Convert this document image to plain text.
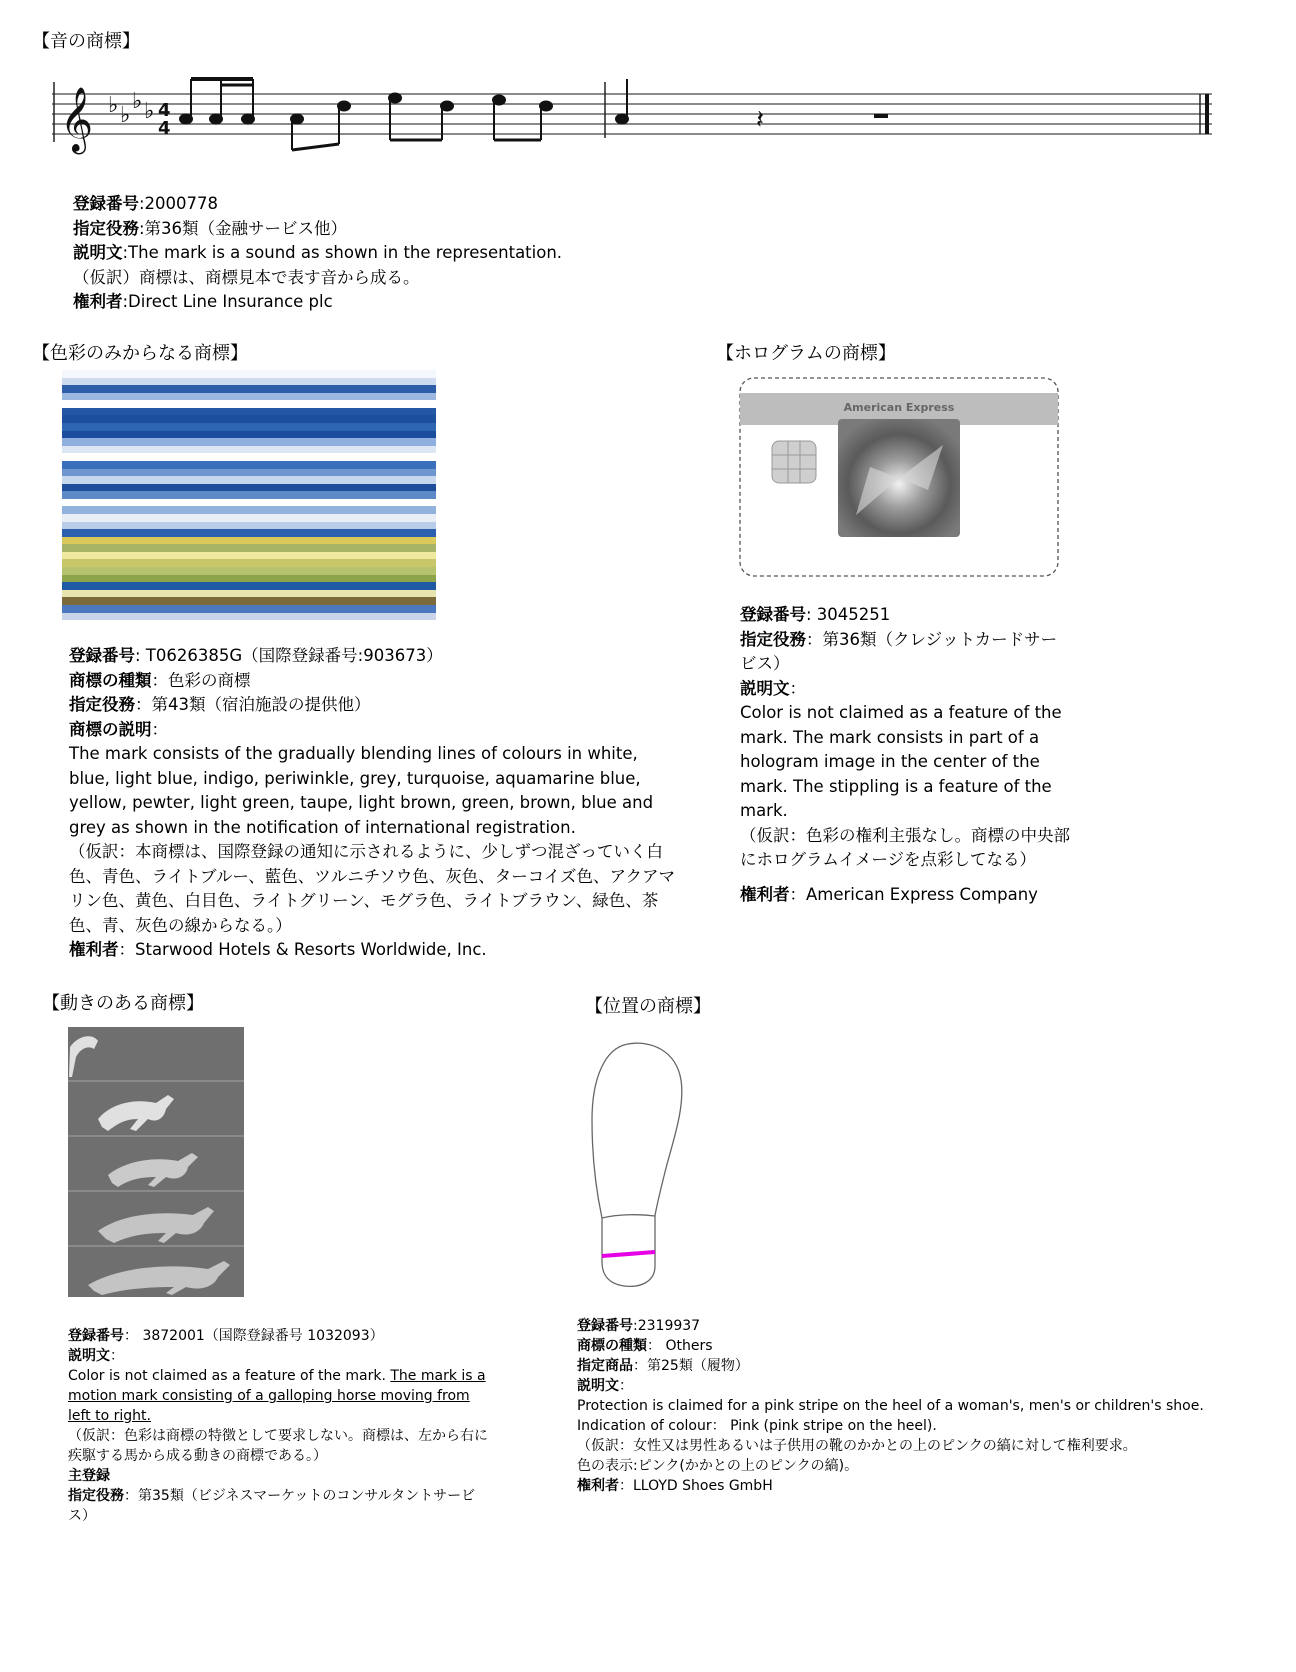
【音の商標】
𝄞 ♭ ♭
♭ ♭ 4
4	𝄽

登録番号:2000778

指定役務:第36類（金融サービス他）

説明文:The mark is a sound as shown in the representation.

（仮訳）商標は、商標見本で表す音から成る。

権利者:Direct Line Insurance plc

【色彩のみからなる商標】

登録番号: T0626385G（国際登録番号:903673）

商標の種類：色彩の商標

指定役務：第43類（宿泊施設の提供他）

商標の説明：

The mark consists of the gradually blending lines of colours in white, blue, light blue, indigo, periwinkle, grey, turquoise, aquamarine blue, yellow, pewter, light green, taupe, light brown, green, brown, blue and grey as shown in the notification of international registration.

（仮訳：本商標は、国際登録の通知に示されるように、少しずつ混ざっていく白色、青色、ライトブルー、藍色、ツルニチソウ色、灰色、ターコイズ色、アクアマリン色、黄色、白目色、ライトグリーン、モグラ色、ライトブラウン、緑色、茶色、青、灰色の線からなる。）

権利者：Starwood Hotels & Resorts Worldwide, Inc.

【ホログラムの商標】
American Express

登録番号: 3045251

指定役務：第36類（クレジットカードサービス）

説明文：

Color is not claimed as a feature of the mark. The mark consists in part of a hologram image in the center of the mark. The stippling is a feature of the mark.

（仮訳：色彩の権利主張なし。商標の中央部にホログラムイメージを点彩してなる）

権利者：American Express Company

【動きのある商標】

登録番号： 3872001（国際登録番号 1032093）

説明文：

Color is not claimed as a feature of the mark. The mark is a motion mark consisting of a galloping horse moving from left to right.

（仮訳：色彩は商標の特徴として要求しない。商標は、左から右に疾駆する馬から成る動きの商標である。）

主登録

指定役務：第35類（ビジネスマーケットのコンサルタントサービス）

【位置の商標】

登録番号:2319937

商標の種類： Others

指定商品：第25類（履物）

説明文：

Protection is claimed for a pink stripe on the heel of a woman's, men's or children's shoe.

Indication of colour： Pink (pink stripe on the heel).

（仮訳：女性又は男性あるいは子供用の靴のかかとの上のピンクの縞に対して権利要求。

色の表示:ピンク(かかとの上のピンクの縞)。

権利者：LLOYD Shoes GmbH
